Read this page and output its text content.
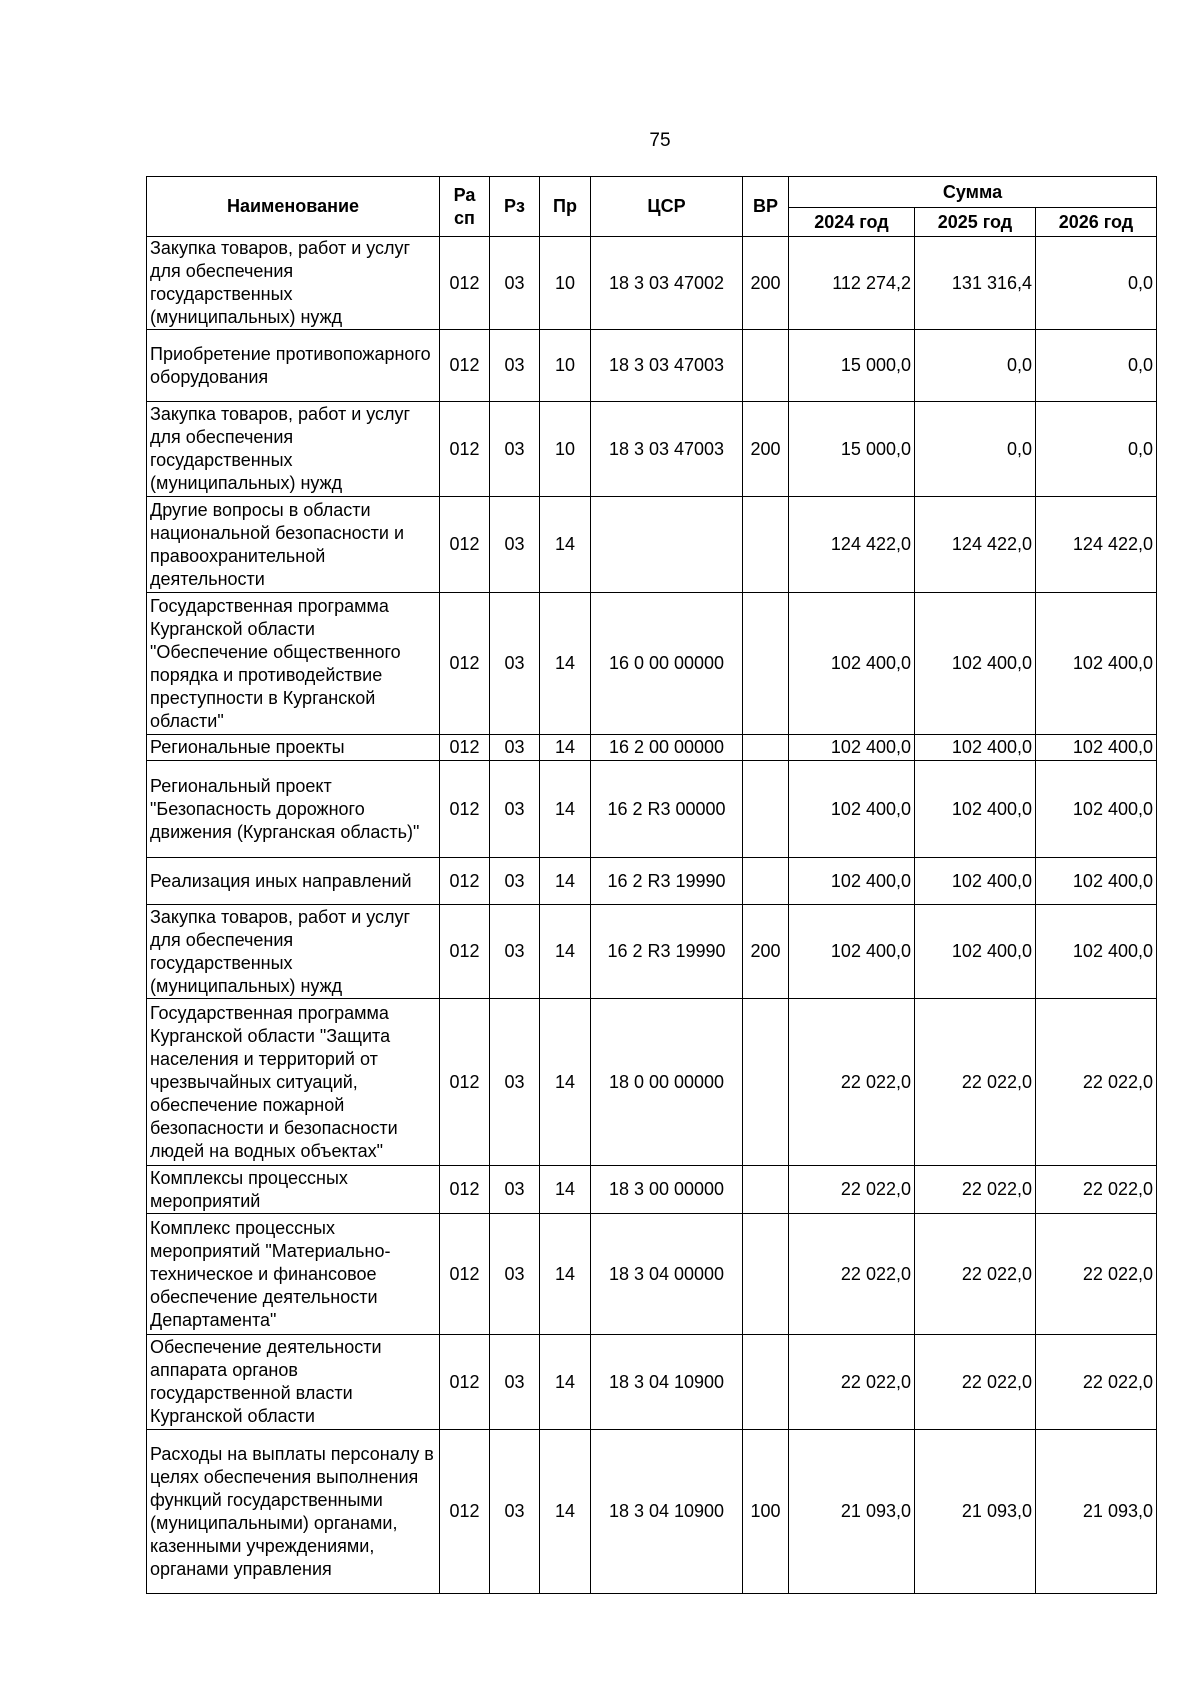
75
Наименование	Ра сп	Рз	Пр	ЦСР	ВР	Сумма		
						2024 год	2025 год	2026 год
Закупка товаров, работ и услуг для обеспечения государственных (муниципальных) нужд	012	03	10	18 3 03 47002	200	112 274,2	131 316,4	0,0
Приобретение противопожарного оборудования	012	03	10	18 3 03 47003		15 000,0	0,0	0,0
Закупка товаров, работ и услуг для обеспечения государственных (муниципальных) нужд	012	03	10	18 3 03 47003	200	15 000,0	0,0	0,0
Другие вопросы в области национальной безопасности и правоохранительной деятельности	012	03	14			124 422,0	124 422,0	124 422,0
Государственная программа Курганской области "Обеспечение общественного порядка и противодействие преступности в Курганской области"	012	03	14	16 0 00 00000		102 400,0	102 400,0	102 400,0
Региональные проекты	012	03	14	16 2 00 00000		102 400,0	102 400,0	102 400,0
Региональный проект "Безопасность дорожного движения (Курганская область)"	012	03	14	16 2 R3 00000		102 400,0	102 400,0	102 400,0
Реализация иных направлений	012	03	14	16 2 R3 19990		102 400,0	102 400,0	102 400,0
Закупка товаров, работ и услуг для обеспечения государственных (муниципальных) нужд	012	03	14	16 2 R3 19990	200	102 400,0	102 400,0	102 400,0
Государственная программа Курганской области "Защита населения и территорий от чрезвычайных ситуаций, обеспечение пожарной безопасности и безопасности людей на водных объектах"	012	03	14	18 0 00 00000		22 022,0	22 022,0	22 022,0
Комплексы процессных мероприятий	012	03	14	18 3 00 00000		22 022,0	22 022,0	22 022,0
Комплекс процессных мероприятий "Материально-техническое и финансовое обеспечение деятельности Департамента"	012	03	14	18 3 04 00000		22 022,0	22 022,0	22 022,0
Обеспечение деятельности аппарата органов государственной власти Курганской области	012	03	14	18 3 04 10900		22 022,0	22 022,0	22 022,0
Расходы на выплаты персоналу в целях обеспечения выполнения функций государственными (муниципальными) органами, казенными учреждениями, органами управления	012	03	14	18 3 04 10900	100	21 093,0	21 093,0	21 093,0
